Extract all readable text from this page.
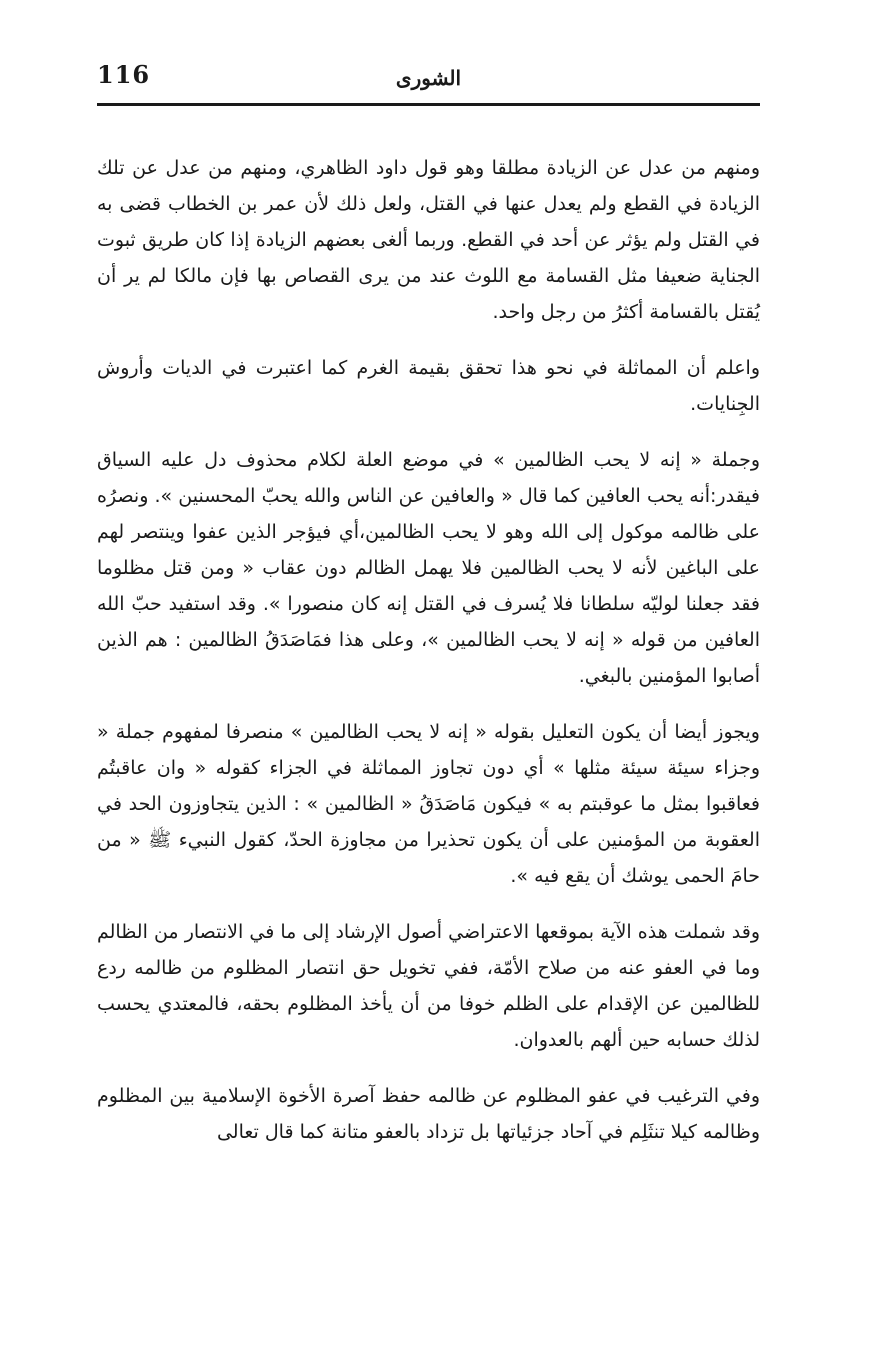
116	الشورى

ومنهم من عدل عن الزيادة مطلقا وهو قول داود الظاهري، ومنهم من عدل عن تلك الزيادة في القطع ولم يعدل عنها في القتل، ولعل ذلك لأن عمر بن الخطاب قضى به في القتل ولم يؤثر عن أحد في القطع. وربما ألغى بعضهم الزيادة إذا كان طريق ثبوت الجناية ضعيفا مثل القسامة مع اللوث عند من يرى القصاص بها فإن مالكا لم ير أن يُقتل بالقسامة أكثرُ من رجل واحد.

واعلم أن المماثلة في نحو هذا تحقق بقيمة الغرم كما اعتبرت في الديات وأروش الجِنايات.

وجملة « إنه لا يحب الظالمين » في موضع العلة لكلام محذوف دل عليه السياق فيقدر:أنه يحب العافين كما قال « والعافين عن الناس والله يحبّ المحسنين ». ونصرُه على ظالمه موكول إلى الله وهو لا يحب الظالمين،أي فيؤجر الذين عفوا وينتصر لهم على الباغين لأنه لا يحب الظالمين فلا يهمل الظالم دون عقاب « ومن قتل مظلوما فقد جعلنا لوليّه سلطانا فلا يُسرف في القتل إنه كان منصورا ». وقد استفيد حبّ الله العافين من قوله « إنه لا يحب الظالمين »، وعلى هذا فمَاصَدَقُ الظالمين : هم الذين أصابوا المؤمنين بالبغي.

ويجوز أيضا أن يكون التعليل بقوله « إنه لا يحب الظالمين » منصرفا لمفهوم جملة « وجزاء سيئة سيئة مثلها » أي دون تجاوز المماثلة في الجزاء كقوله « وان عاقبتُم فعاقبوا بمثل ما عوقبتم به » فيكون مَاصَدَقُ « الظالمين » : الذين يتجاوزون الحد في العقوبة من المؤمنين على أن يكون تحذيرا من مجاوزة الحدّ، كقول النبيء ﷺ « من حامَ الحمى يوشك أن يقع فيه ».

وقد شملت هذه الآية بموقعها الاعتراضي أصول الإرشاد إلى ما في الانتصار من الظالم وما في العفو عنه من صلاح الأمّة، ففي تخويل حق انتصار المظلوم من ظالمه ردع للظالمين عن الإقدام على الظلم خوفا من أن يأخذ المظلوم بحقه، فالمعتدي يحسب لذلك حسابه حين ألهم بالعدوان.

وفي الترغيب في عفو المظلوم عن ظالمه حفظ آصرة الأخوة الإسلامية بين المظلوم وظالمه كيلا تنثَلِم في آحاد جزئياتها بل تزداد بالعفو متانة كما قال تعالى
